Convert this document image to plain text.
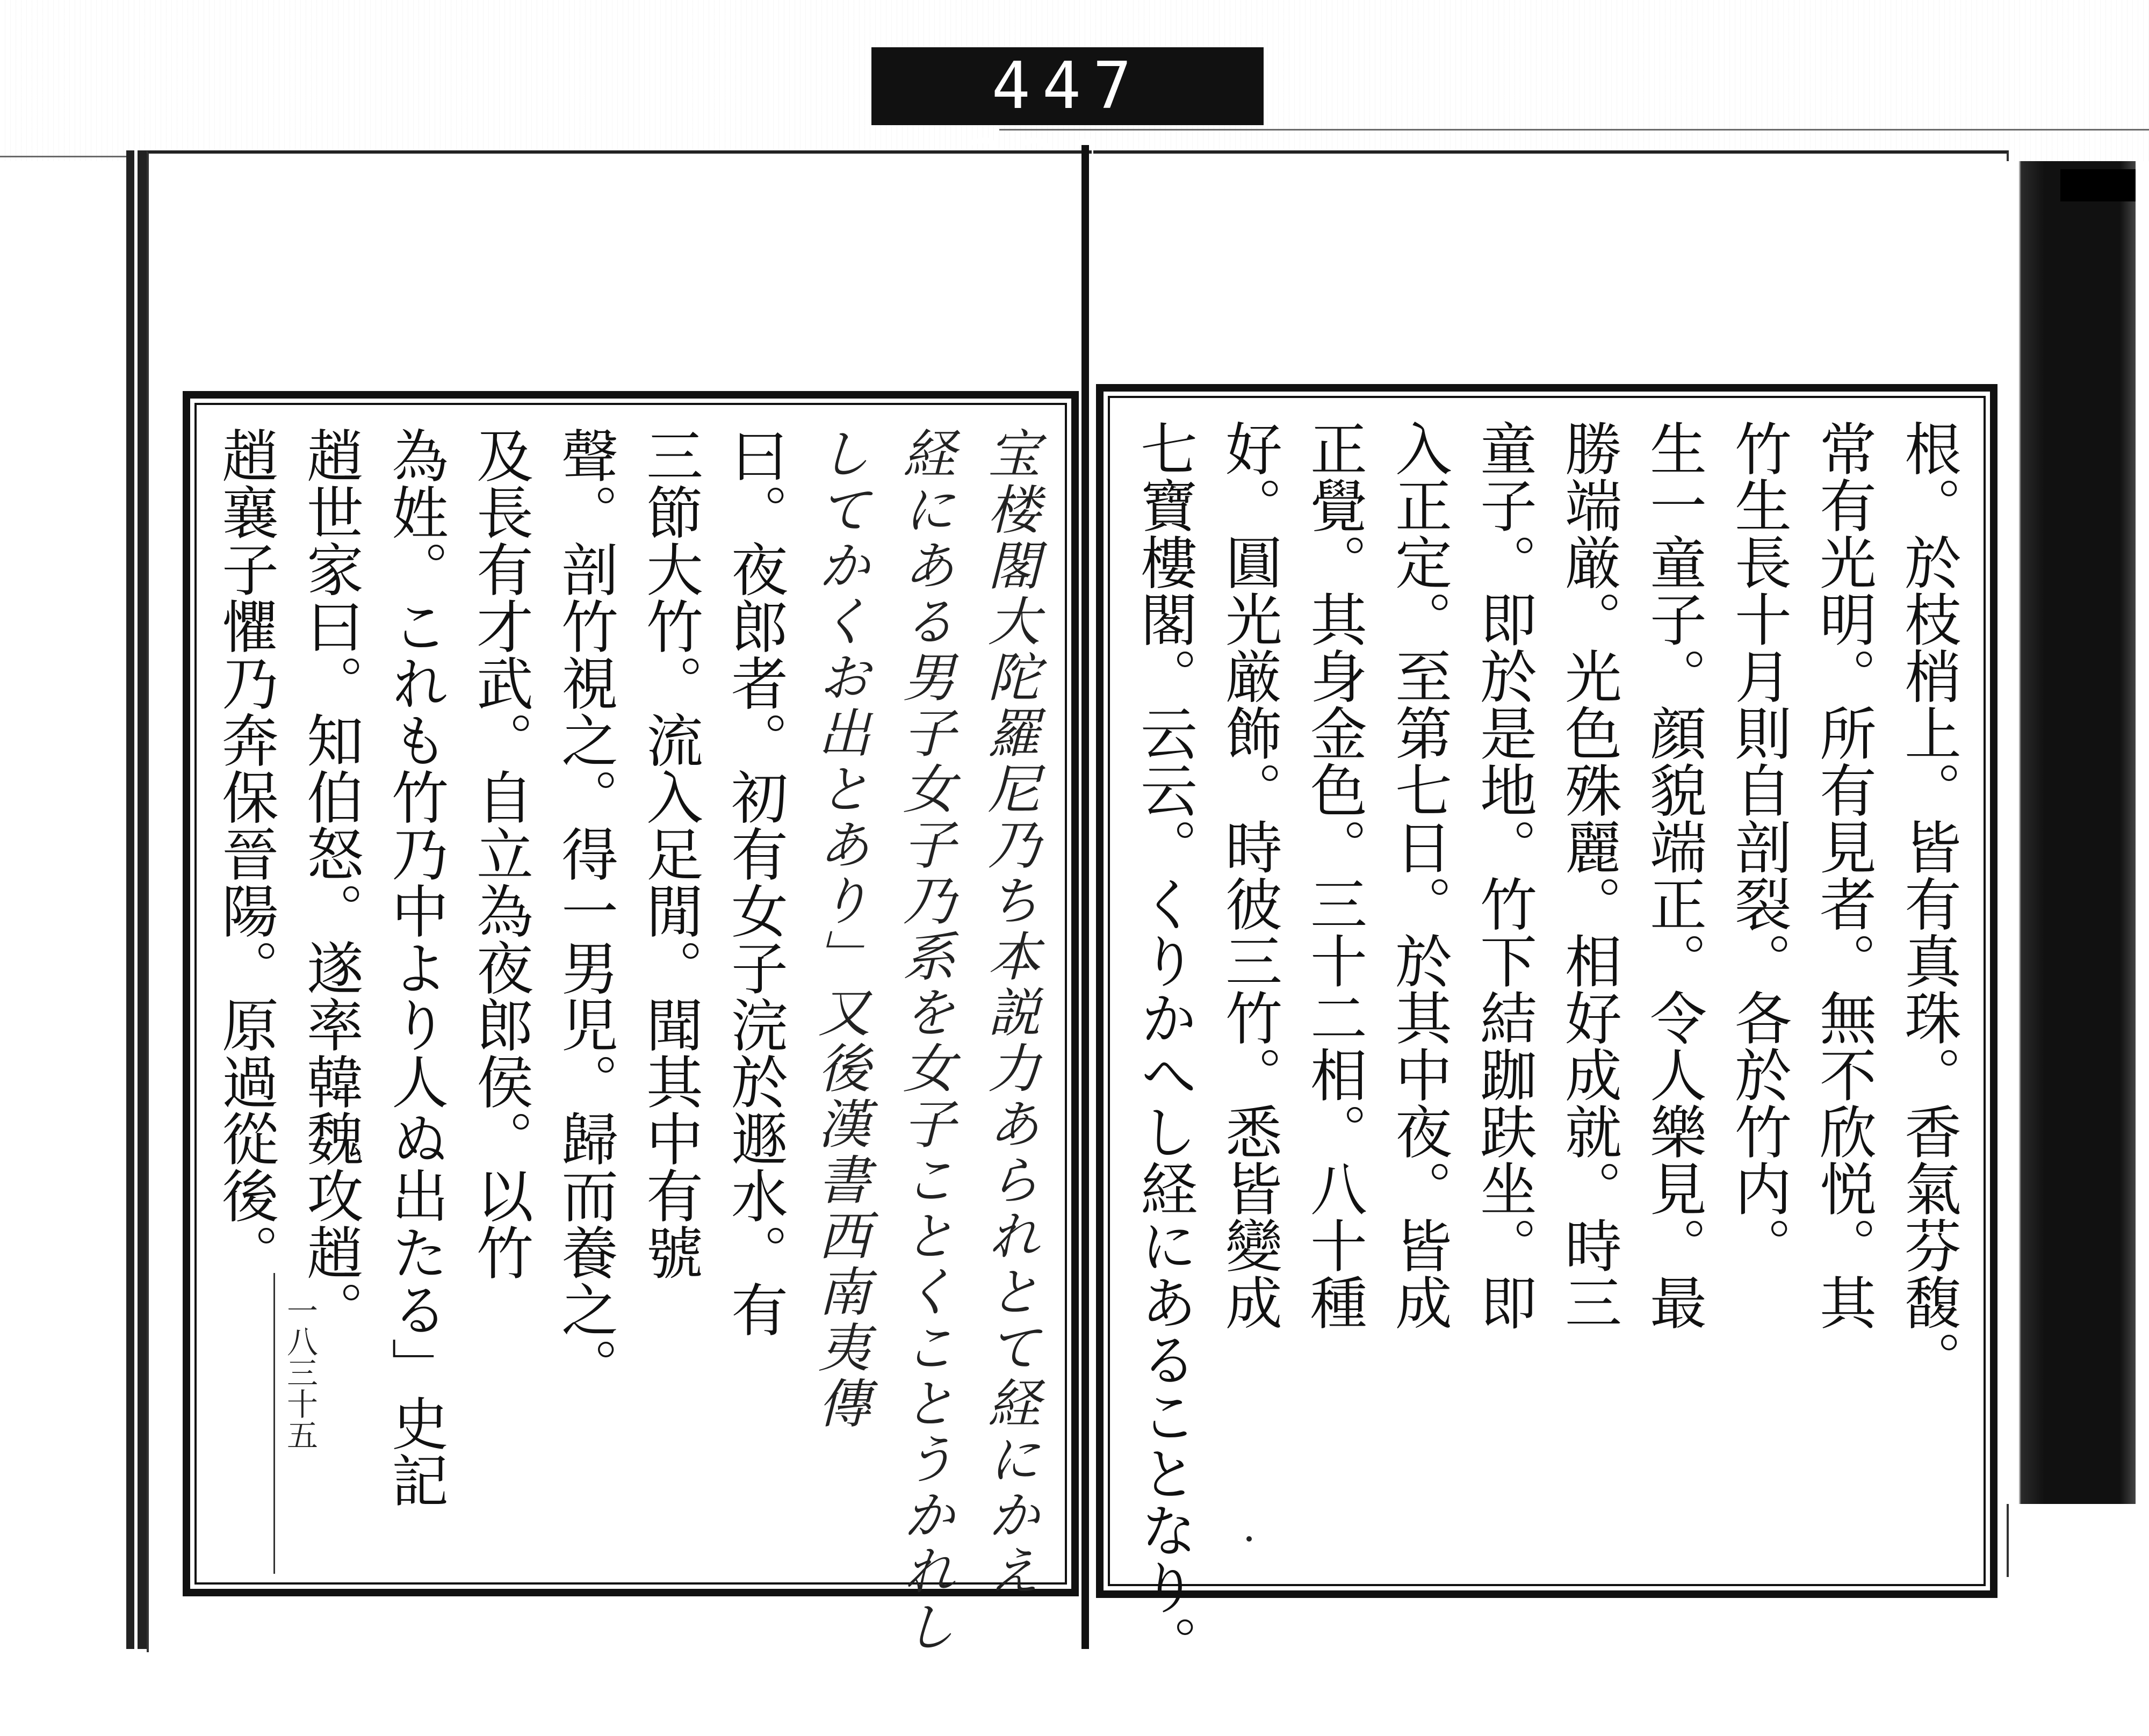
447
一八三十五	宝楼閣大陀羅尼乃ち本説力あられとて経にかえ
経にある男子女子乃系を女子ことくことうかれし
してかくお出とあり」又後漢書西南夷傳
曰。夜郎者。初有女子浣於遯水。有
三節大竹。流入足閒。聞其中有號
聲。剖竹視之。得一男児。歸而養之。
及長有才武。自立為夜郎侯。以竹
為姓。これも竹乃中より人ぬ出たる」史記
趙世家曰。知伯怒。遂率韓魏攻趙。
趙襄子懼乃奔保晉陽。原過從後。	根。於枝梢上。皆有真珠。香氣芬馥。
常有光明。所有見者。無不欣悦。其
竹生長十月則自剖裂。各於竹内。
生一童子。顔貌端正。令人樂見。最
勝端厳。光色殊麗。相好成就。時三
童子。即於是地。竹下結跏趺坐。即
入正定。至第七日。於其中夜。皆成
正覺。其身金色。三十二相。八十種
好。圓光厳飾。時彼三竹。悉皆變成
七寶樓閣。云云。くりかへし経にあることなり。
